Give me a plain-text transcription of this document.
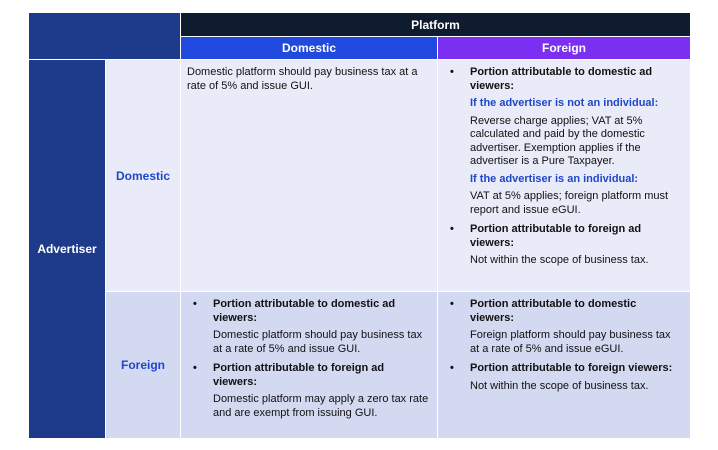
Platform
Domestic	Foreign
Advertiser
Domestic
Foreign
Domestic platform should pay business tax at a rate of 5% and issue GUI.
• Portion attributable to domestic ad viewers:
If the advertiser is not an individual:
Reverse charge applies; VAT at 5% calculated and paid by the domestic advertiser. Exemption applies if the advertiser is a Pure Taxpayer.
If the advertiser is an individual:
VAT at 5% applies; foreign platform must report and issue eGUI.
• Portion attributable to foreign ad viewers:
Not within the scope of business tax.
• Portion attributable to domestic ad viewers:
Domestic platform should pay business tax at a rate of 5% and issue GUI.
• Portion attributable to foreign ad viewers:
Domestic platform may apply a zero tax rate and are exempt from issuing GUI.
• Portion attributable to domestic viewers:
Foreign platform should pay business tax at a rate of 5% and issue eGUI.
• Portion attributable to foreign viewers:
Not within the scope of business tax.
